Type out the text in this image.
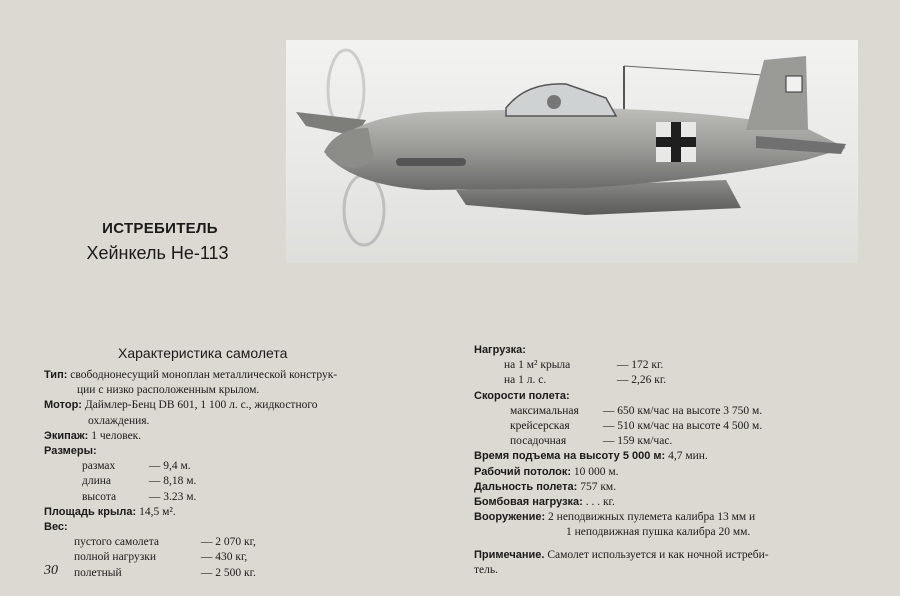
ИСТРЕБИТЕЛЬ
Хейнкель Не-113
Характеристика самолета
Тип: свободнонесущий моноплан металлической конструк-
ции с низко расположенным крылом.
Мотор: Даймлер-Бенц DB 601, 1 100 л. с., жидкостного
охлаждения.
Экипаж: 1 человек.
Размеры:
размах	— 9,4 м.
длина	— 8,18 м.
высота	— 3.23 м.
Площадь крыла: 14,5 м².
Вес:
пустого самолета	— 2 070 кг,
полной нагрузки	— 430 кг,
полетный	— 2 500 кг.
Нагрузка:
на 1 м² крыла	— 172 кг.
на 1 л. с.	— 2,26 кг.
Скорости полета:
максимальная — 650 км/час на высоте 3 750 м.
крейсерская	— 510 км/час на высоте 4 500 м.
посадочная	— 159 км/час.
Время подъема на высоту 5 000 м: 4,7 мин.
Рабочий потолок: 10 000 м.
Дальность полета: 757 км.
Бомбовая нагрузка: . . . кг.
Вооружение: 2 неподвижных пулемета калибра 13 мм и
1 неподвижная пушка калибра 20 мм.
Примечание. Самолет используется и как ночной истреби-
тель.
30
